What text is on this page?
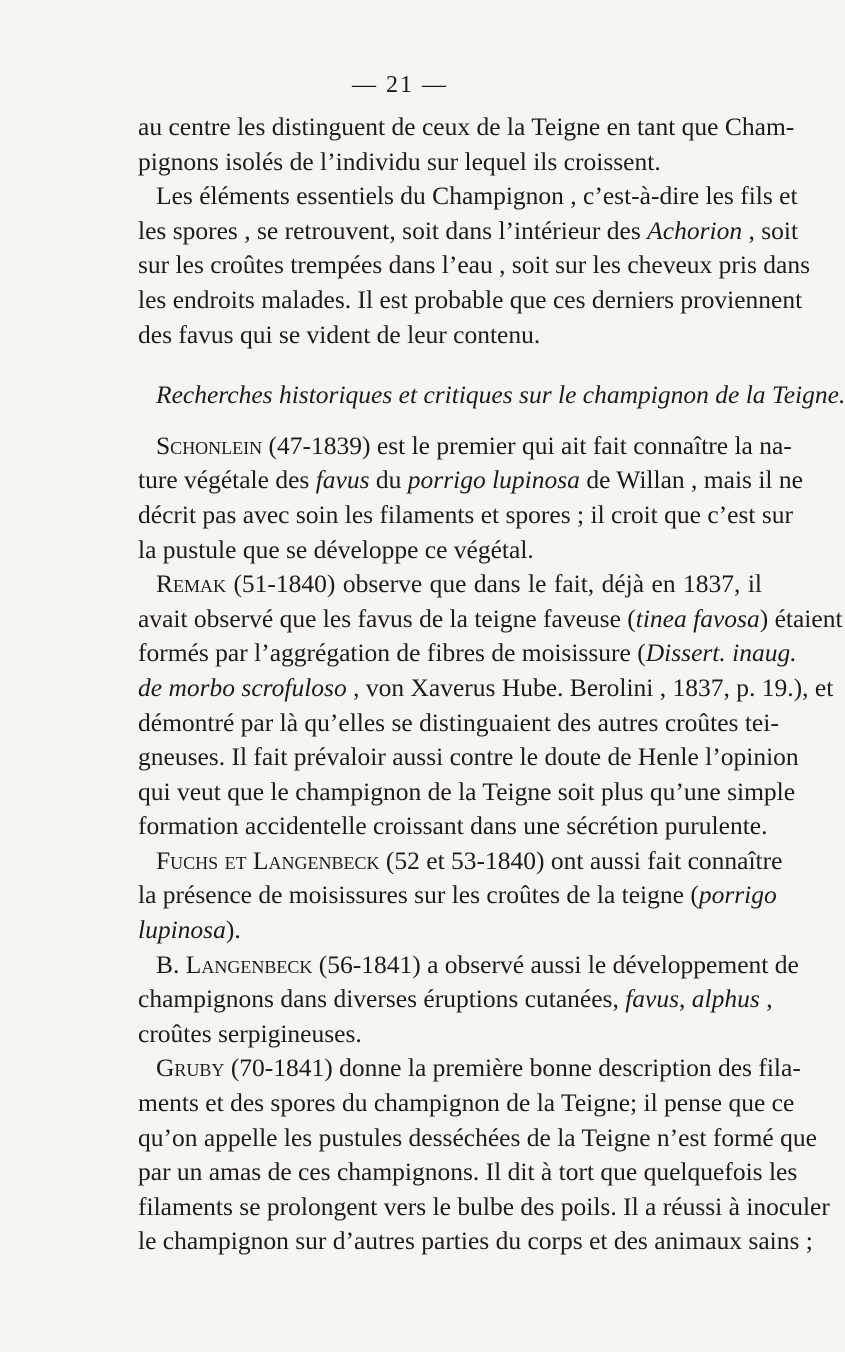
— 21 —
au centre les distinguent de ceux de la Teigne en tant que Cham-
pignons isolés de l’individu sur lequel ils croissent.
Les éléments essentiels du Champignon , c’est-à-dire les fils et
les spores , se retrouvent, soit dans l’intérieur des Achorion , soit
sur les croûtes trempées dans l’eau , soit sur les cheveux pris dans
les endroits malades. Il est probable que ces derniers proviennent
des favus qui se vident de leur contenu.
Recherches historiques et critiques sur le champignon de la Teigne.
Schonlein (47-1839) est le premier qui ait fait connaître la na-
ture végétale des favus du porrigo lupinosa de Willan , mais il ne
décrit pas avec soin les filaments et spores ; il croit que c’est sur
la pustule que se développe ce végétal.
Remak (51-1840) observe que dans le fait, déjà en 1837, il
avait observé que les favus de la teigne faveuse (tinea favosa) étaient
formés par l’aggrégation de fibres de moisissure (Dissert. inaug.
de morbo scrofuloso , von Xaverus Hube. Berolini , 1837, p. 19.), et
démontré par là qu’elles se distinguaient des autres croûtes tei-
gneuses. Il fait prévaloir aussi contre le doute de Henle l’opinion
qui veut que le champignon de la Teigne soit plus qu’une simple
formation accidentelle croissant dans une sécrétion purulente.
Fuchs et Langenbeck (52 et 53-1840) ont aussi fait connaître
la présence de moisissures sur les croûtes de la teigne (porrigo
lupinosa).
B. Langenbeck (56-1841) a observé aussi le développement de
champignons dans diverses éruptions cutanées, favus, alphus ,
croûtes serpigineuses.
Gruby (70-1841) donne la première bonne description des fila-
ments et des spores du champignon de la Teigne; il pense que ce
qu’on appelle les pustules desséchées de la Teigne n’est formé que
par un amas de ces champignons. Il dit à tort que quelquefois les
filaments se prolongent vers le bulbe des poils. Il a réussi à inoculer
le champignon sur d’autres parties du corps et des animaux sains ;
